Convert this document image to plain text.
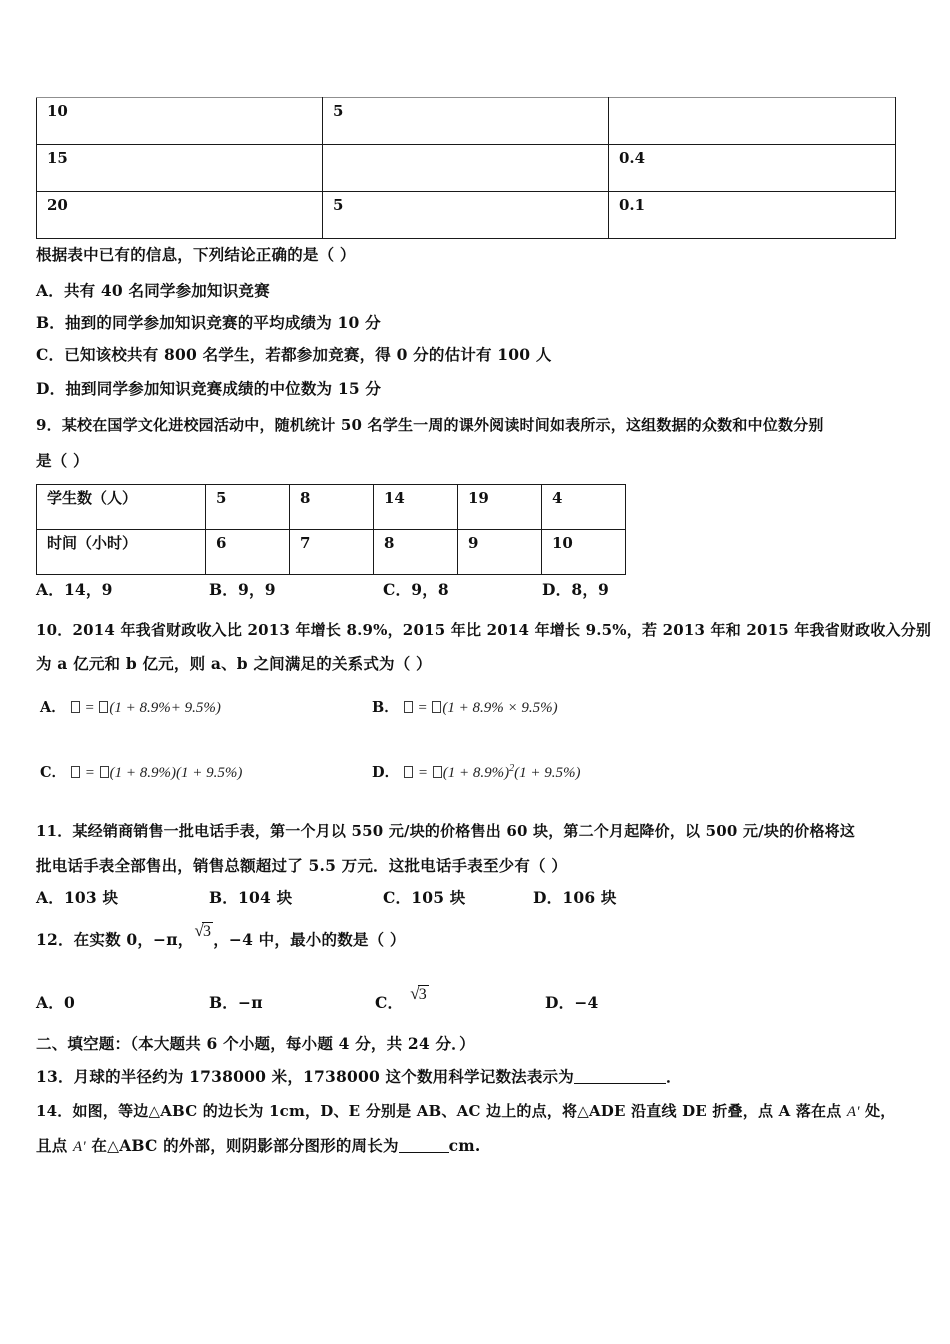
10	5	
15		0.4
20	5	0.1
根据表中已有的信息，下列结论正确的是（ ）
A．共有 40 名同学参加知识竞赛
B．抽到的同学参加知识竞赛的平均成绩为 10 分
C．已知该校共有 800 名学生，若都参加竞赛，得 0 分的估计有 100 人
D．抽到同学参加知识竞赛成绩的中位数为 15 分
9．某校在国学文化进校园活动中，随机统计 50 名学生一周的课外阅读时间如表所示，这组数据的众数和中位数分别
是（ ）
学生数（人）	5	8	14	19	4
时间（小时）	6	7	8	9	10
A．14，9	B．9，9	C．9，8	D．8，9
10．2014 年我省财政收入比 2013 年增长 8.9%，2015 年比 2014 年增长 9.5%，若 2013 年和 2015 年我省财政收入分别
为 a 亿元和 b 亿元，则 a、b 之间满足的关系式为（ ）
A．  = (1 + 8.9%+ 9.5%)	B．  = (1 + 8.9% × 9.5%)
C．  = (1 + 8.9%)(1 + 9.5%)	D．  = $(1 + 8.9\%)^2(1 + 9.5\%)$
11．某经销商销售一批电话手表，第一个月以 550 元/块的价格售出 60 块，第二个月起降价，以 500 元/块的价格将这
批电话手表全部售出，销售总额超过了 5.5 万元．这批电话手表至少有（ ）
A．103 块	B．104 块	C．105 块	D．106 块
12．在实数 0，−π，√3 ，−4 中，最小的数是（ ）
A．0	B．−π	C． √3	D．−4
二、填空题：（本大题共 6 个小题，每小题 4 分，共 24 分．）
13．月球的半径约为 1738000 米，1738000 这个数用科学记数法表示为	．
14．如图，等边△ABC 的边长为 1cm，D、E 分别是 AB、AC 边上的点，将△ADE 沿直线 DE 折叠，点 A 落在点 A' 处，
且点 A' 在△ABC 的外部，则阴影部分图形的周长为	cm.
